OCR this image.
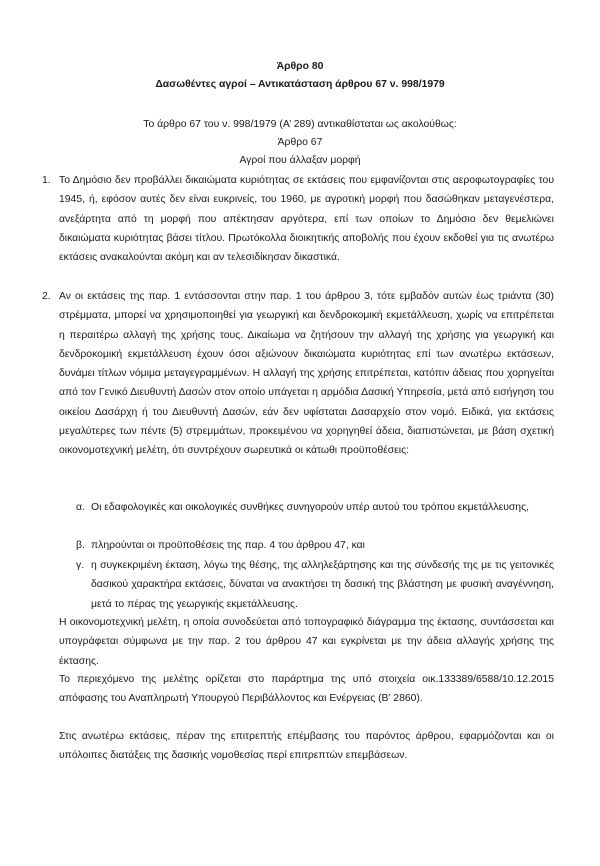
Άρθρο 80
Δασωθέντες αγροί – Αντικατάσταση άρθρου 67 ν. 998/1979
Το άρθρο 67 του ν. 998/1979 (Α’ 289) αντικαθίσταται ως ακολούθως:
Άρθρο 67
Αγροί που άλλαξαν μορφή
1. Το Δημόσιο δεν προβάλλει δικαιώματα κυριότητας σε εκτάσεις που εμφανίζονται στις αεροφωτογραφίες του 1945, ή, εφόσον αυτές δεν είναι ευκρινείς, του 1960, με αγροτική μορφή που δασώθηκαν μεταγενέστερα, ανεξάρτητα από τη μορφή που απέκτησαν αργότερα, επί των οποίων το Δημόσιο δεν θεμελιώνει δικαιώματα κυριότητας βάσει τίτλου. Πρωτόκολλα διοικητικής αποβολής που έχουν εκδοθεί για τις ανωτέρω εκτάσεις ανακαλούνται ακόμη και αν τελεσιδίκησαν δικαστικά.
2. Αν οι εκτάσεις της παρ. 1 εντάσσονται στην παρ. 1 του άρθρου 3, τότε εμβαδόν αυτών έως τριάντα (30) στρέμματα, μπορεί να χρησιμοποιηθεί για γεωργική και δενδροκομική εκμετάλλευση, χωρίς να επιτρέπεται η περαιτέρω αλλαγή της χρήσης τους. Δικαίωμα να ζητήσουν την αλλαγή της χρήσης για γεωργική και δενδροκομική εκμετάλλευση έχουν όσοι αξιώνουν δικαιώματα κυριότητας επί των ανωτέρω εκτάσεων, δυνάμει τίτλων νόμιμα μεταγεγραμμένων. Η αλλαγή της χρήσης επιτρέπεται, κατόπιν άδειας που χορηγείται από τον Γενικό Διευθυντή Δασών στον οποίο υπάγεται η αρμόδια Δασική Υπηρεσία, μετά από εισήγηση του οικείου Δασάρχη ή του Διευθυντή Δασών, εάν δεν υφίσταται Δασαρχείο στον νομό. Ειδικά, για εκτάσεις μεγαλύτερες των πέντε (5) στρεμμάτων, προκειμένου να χορηγηθεί άδεια, διαπιστώνεται, με βάση σχετική οικονομοτεχνική μελέτη, ότι συντρέχουν σωρευτικά οι κάτωθι προϋποθέσεις:
α. Οι εδαφολογικές και οικολογικές συνθήκες συνηγορούν υπέρ αυτού του τρόπου εκμετάλλευσης,
β. πληρούνται οι προϋποθέσεις της παρ. 4 του άρθρου 47, και
γ. η συγκεκριμένη έκταση, λόγω της θέσης, της αλληλεξάρτησης και της σύνδεσής της με τις γειτονικές δασικού χαρακτήρα εκτάσεις, δύναται να ανακτήσει τη δασική της βλάστηση με φυσική αναγέννηση, μετά το πέρας της γεωργικής εκμετάλλευσης.
Η οικονομοτεχνική μελέτη, η οποία συνοδεύεται από τοπογραφικό διάγραμμα της έκτασης, συντάσσεται και υπογράφεται σύμφωνα με την παρ. 2 του άρθρου 47 και εγκρίνεται με την άδεια αλλαγής χρήσης της έκτασης.
Το περιεχόμενο της μελέτης ορίζεται στο παράρτημα της υπό στοιχεία οικ.133389/6588/10.12.2015 απόφασης του Αναπληρωτή Υπουργού Περιβάλλοντος και Ενέργειας (Β’ 2860).
Στις ανωτέρω εκτάσεις, πέραν της επιτρεπτής επέμβασης του παρόντος άρθρου, εφαρμόζονται και οι υπόλοιπες διατάξεις της δασικής νομοθεσίας περί επιτρεπτών επεμβάσεων.
